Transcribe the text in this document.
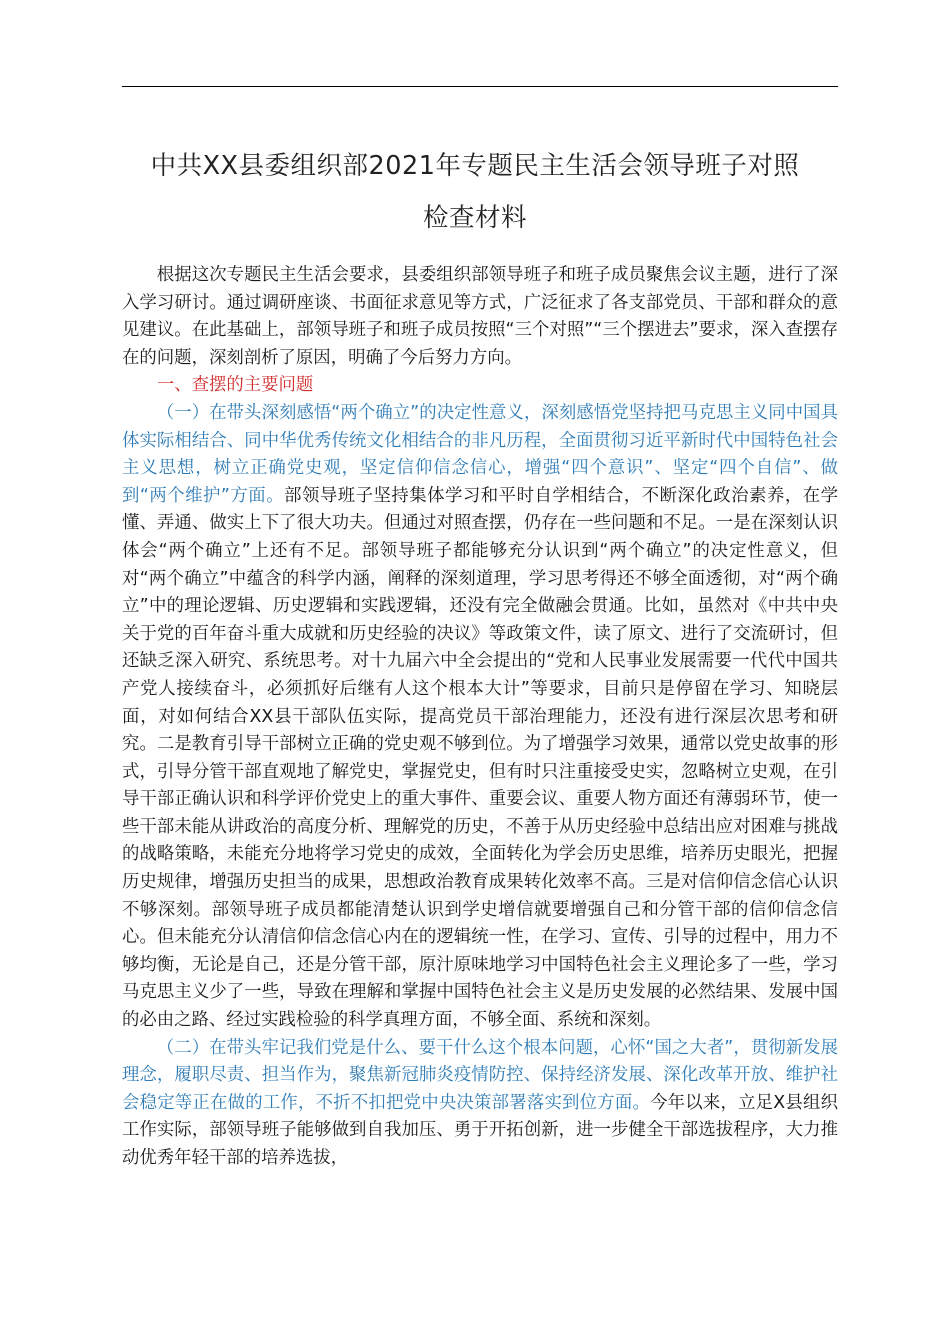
中共XX县委组织部2021年专题民主生活会领导班子对照
检查材料

根据这次专题民主生活会要求，县委组织部领导班子和班子成员聚焦会议主题，进行了深入学习研讨。通过调研座谈、书面征求意见等方式，广泛征求了各支部党员、干部和群众的意见建议。在此基础上，部领导班子和班子成员按照“三个对照”“三个摆进去”要求，深入查摆存在的问题，深刻剖析了原因，明确了今后努力方向。

一、查摆的主要问题

（一）在带头深刻感悟“两个确立”的决定性意义，深刻感悟党坚持把马克思主义同中国具体实际相结合、同中华优秀传统文化相结合的非凡历程，全面贯彻习近平新时代中国特色社会主义思想，树立正确党史观，坚定信仰信念信心，增强“四个意识”、坚定“四个自信”、做到“两个维护”方面。部领导班子坚持集体学习和平时自学相结合，不断深化政治素养，在学懂、弄通、做实上下了很大功夫。但通过对照查摆，仍存在一些问题和不足。一是在深刻认识体会“两个确立”上还有不足。部领导班子都能够充分认识到“两个确立”的决定性意义，但对“两个确立”中蕴含的科学内涵，阐释的深刻道理，学习思考得还不够全面透彻，对“两个确立”中的理论逻辑、历史逻辑和实践逻辑，还没有完全做融会贯通。比如，虽然对《中共中央关于党的百年奋斗重大成就和历史经验的决议》等政策文件，读了原文、进行了交流研讨，但还缺乏深入研究、系统思考。对十九届六中全会提出的“党和人民事业发展需要一代代中国共产党人接续奋斗，必须抓好后继有人这个根本大计”等要求，目前只是停留在学习、知晓层面，对如何结合XX县干部队伍实际，提高党员干部治理能力，还没有进行深层次思考和研究。二是教育引导干部树立正确的党史观不够到位。为了增强学习效果，通常以党史故事的形式，引导分管干部直观地了解党史，掌握党史，但有时只注重接受史实，忽略树立史观，在引导干部正确认识和科学评价党史上的重大事件、重要会议、重要人物方面还有薄弱环节，使一些干部未能从讲政治的高度分析、理解党的历史，不善于从历史经验中总结出应对困难与挑战的战略策略，未能充分地将学习党史的成效，全面转化为学会历史思维，培养历史眼光，把握历史规律，增强历史担当的成果，思想政治教育成果转化效率不高。三是对信仰信念信心认识不够深刻。部领导班子成员都能清楚认识到学史增信就要增强自己和分管干部的信仰信念信心。但未能充分认清信仰信念信心内在的逻辑统一性，在学习、宣传、引导的过程中，用力不够均衡，无论是自己，还是分管干部，原汁原味地学习中国特色社会主义理论多了一些，学习马克思主义少了一些，导致在理解和掌握中国特色社会主义是历史发展的必然结果、发展中国的必由之路、经过实践检验的科学真理方面，不够全面、系统和深刻。

（二）在带头牢记我们党是什么、要干什么这个根本问题，心怀“国之大者”，贯彻新发展理念，履职尽责、担当作为，聚焦新冠肺炎疫情防控、保持经济发展、深化改革开放、维护社会稳定等正在做的工作，不折不扣把党中央决策部署落实到位方面。今年以来，立足X县组织工作实际，部领导班子能够做到自我加压、勇于开拓创新，进一步健全干部选拔程序，大力推动优秀年轻干部的培养选拔，
